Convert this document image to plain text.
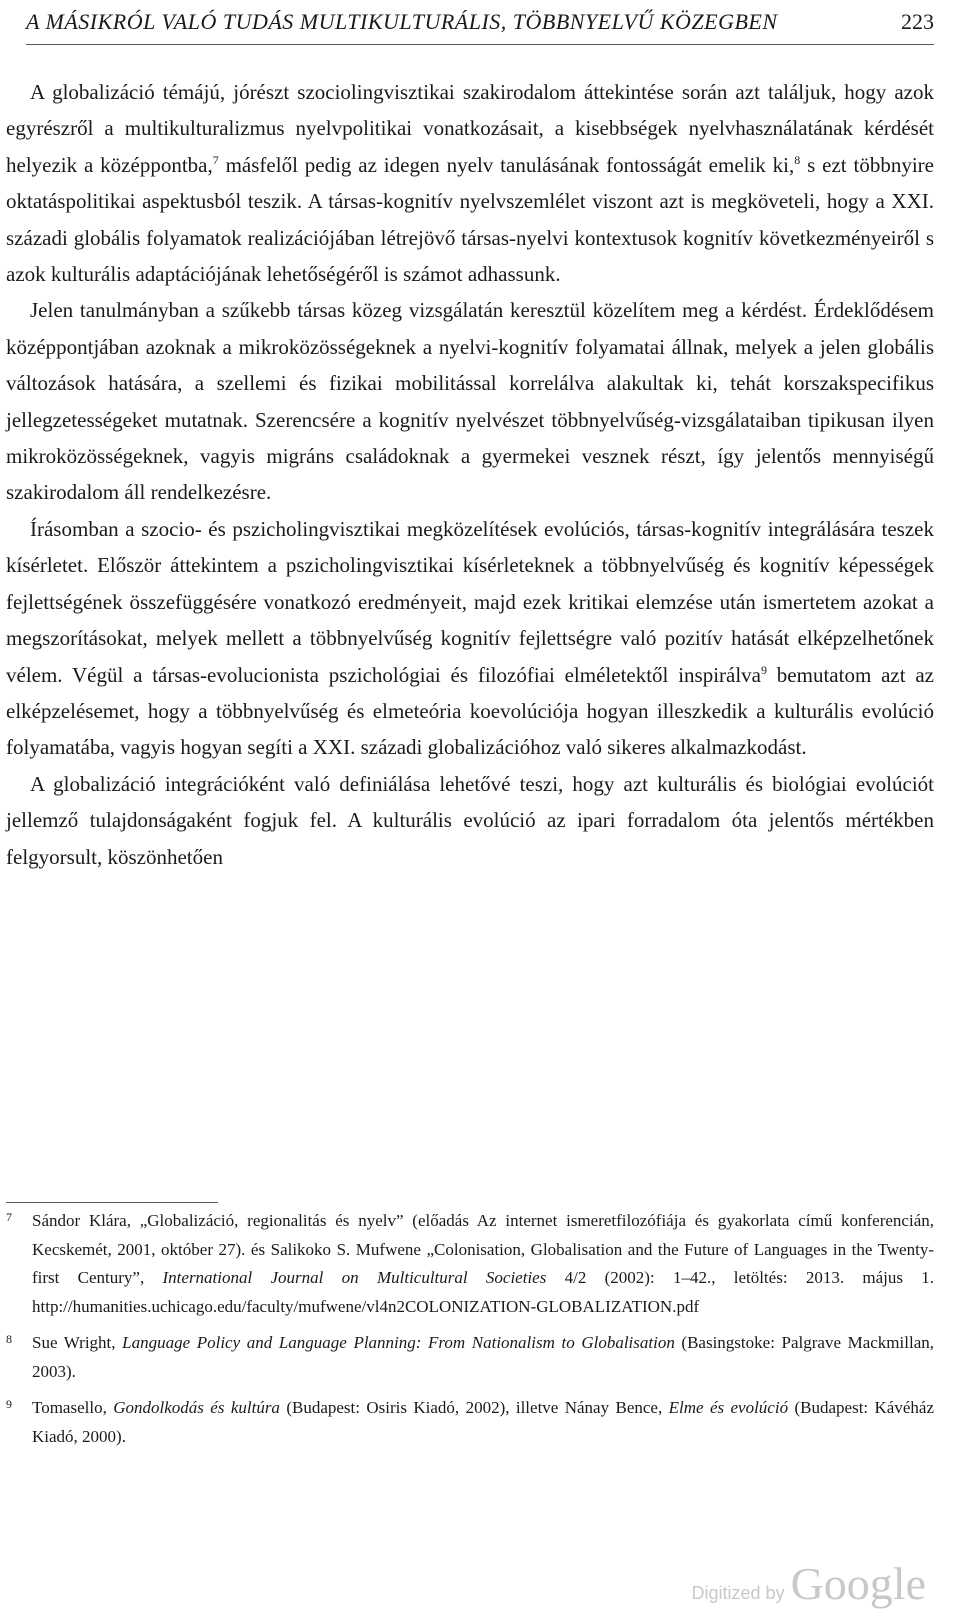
A MÁSIKRÓL VALÓ TUDÁS MULTIKULTURÁLIS, TÖBBNYELVŰ KÖZEGBEN	223

A globalizáció témájú, jórészt szociolingvisztikai szakirodalom áttekintése során azt találjuk, hogy azok egyrészről a multikulturalizmus nyelvpolitikai vonatkozásait, a kisebbségek nyelvhasználatának kérdését helyezik a középpontba,$^7$ másfelől pedig az idegen nyelv tanulásának fontosságát emelik ki,$^8$ s ezt többnyire oktatáspolitikai aspektusból teszik. A társas-kognitív nyelvszemlélet viszont azt is megköveteli, hogy a XXI. századi globális folyamatok realizációjában létrejövő társas-nyelvi kontextusok kognitív következményeiről s azok kulturális adaptációjának lehetőségéről is számot adhassunk.

Jelen tanulmányban a szűkebb társas közeg vizsgálatán keresztül közelítem meg a kérdést. Érdeklődésem középpontjában azoknak a mikroközösségeknek a nyelvi-kognitív folyamatai állnak, melyek a jelen globális változások hatására, a szellemi és fizikai mobilitással korrelálva alakultak ki, tehát korszakspecifikus jellegzetességeket mutatnak. Szerencsére a kognitív nyelvészet többnyelvűség-vizsgálataiban tipikusan ilyen mikroközösségeknek, vagyis migráns családoknak a gyermekei vesznek részt, így jelentős mennyiségű szakirodalom áll rendelkezésre.

Írásomban a szocio- és pszicholingvisztikai megközelítések evolúciós, társas-kognitív integrálására teszek kísérletet. Először áttekintem a pszicholingvisztikai kísérleteknek a többnyelvűség és kognitív képességek fejlettségének összefüggésére vonatkozó eredményeit, majd ezek kritikai elemzése után ismertetem azokat a megszorításokat, melyek mellett a többnyelvűség kognitív fejlettségre való pozitív hatását elképzelhetőnek vélem. Végül a társas-evolucionista pszichológiai és filozófiai elméletektől inspirálva$^9$ bemutatom azt az elképzelésemet, hogy a többnyelvűség és elmeteória koevolúciója hogyan illeszkedik a kulturális evolúció folyamatába, vagyis hogyan segíti a XXI. századi globalizációhoz való sikeres alkalmazkodást.

A globalizáció integrációként való definiálása lehetővé teszi, hogy azt kulturális és biológiai evolúciót jellemző tulajdonságaként fogjuk fel. A kulturális evolúció az ipari forradalom óta jelentős mértékben felgyorsult, köszönhetően

7	Sándor Klára, „Globalizáció, regionalitás és nyelv” (előadás Az internet ismeretfilozófiája és gyakorlata című konferencián, Kecskemét, 2001, október 27). és Salikoko S. Mufwene „Colonisation, Globalisation and the Future of Languages in the Twenty-first Century”, International Journal on Multicultural Societies 4/2 (2002): 1–42., letöltés: 2013. május 1. http://humanities.uchicago.edu/faculty/mufwene/vl4n2COLONIZATION-GLOBALIZATION.pdf
8	Sue Wright, Language Policy and Language Planning: From Nationalism to Globalisation (Basingstoke: Palgrave Mackmillan, 2003).
9	Tomasello, Gondolkodás és kultúra (Budapest: Osiris Kiadó, 2002), illetve Nánay Bence, Elme és evolúció (Budapest: Kávéház Kiadó, 2000).
Digitized by Google
